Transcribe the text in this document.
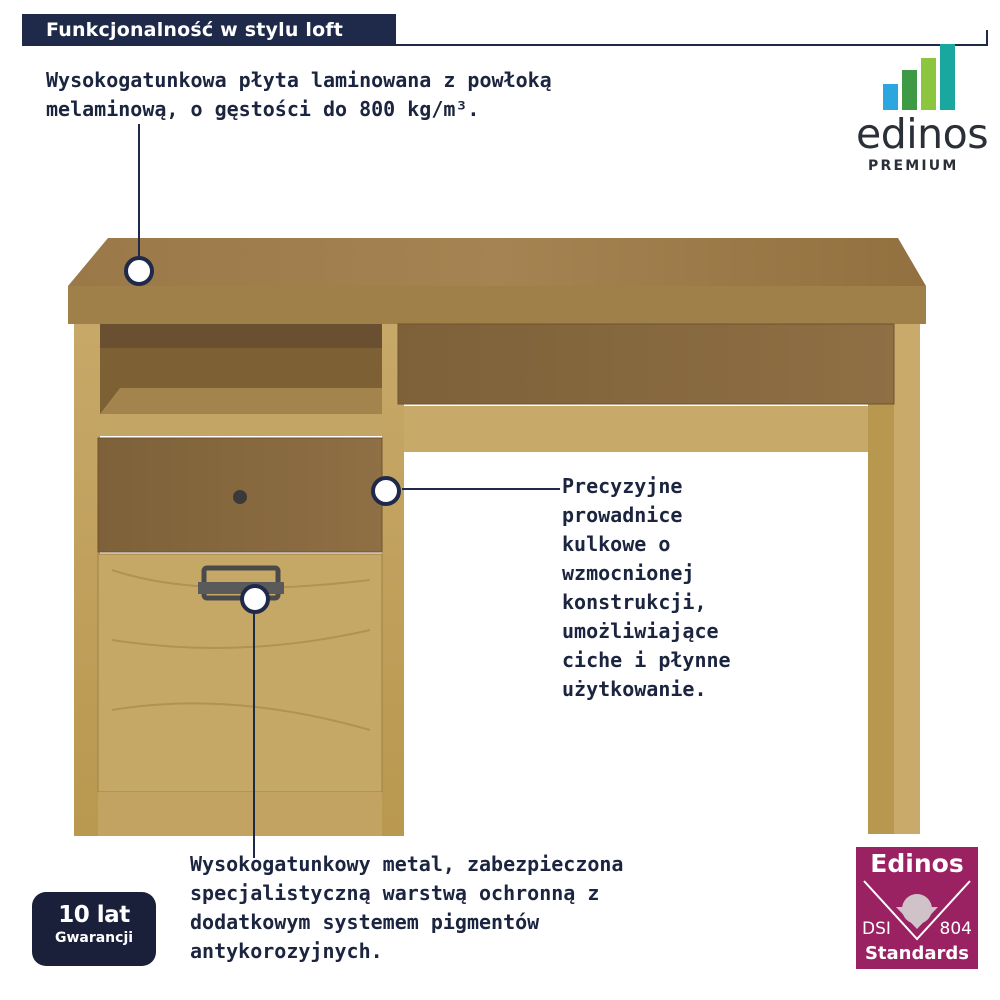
Funkcjonalność w stylu loft
Wysokogatunkowa płyta laminowana z powłoką
melaminową, o gęstości do 800 kg/m³.
edinos
PREMIUM
Precyzyjne
prowadnice
kulkowe o
wzmocnionej
konstrukcji,
umożliwiające
ciche i płynne
użytkowanie.
Wysokogatunkowy metal, zabezpieczona
specjalistyczną warstwą ochronną z
dodatkowym systemem pigmentów
antykorozyjnych.
10 lat
Gwarancji
Edinos
DSI	804
Standards
